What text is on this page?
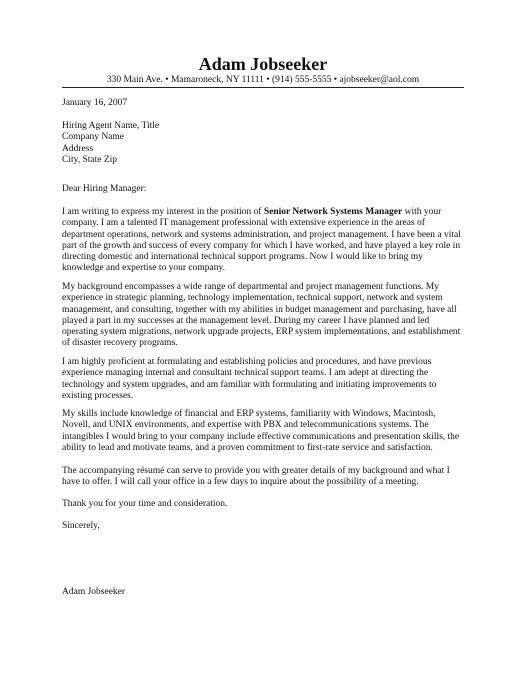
Adam Jobseeker
330 Main Ave. • Mamaroneck, NY 11111 • (914) 555-5555 • ajobseeker@aol.com
January 16, 2007
Hiring Agent Name, Title
Company Name
Address
City, State Zip
Dear Hiring Manager:
I am writing to express my interest in the position of Senior Network Systems Manager with your
company. I am a talented IT management professional with extensive experience in the areas of
department operations, network and systems administration, and project management. I have been a vital
part of the growth and success of every company for which I have worked, and have played a key role in
directing domestic and international technical support programs. Now I would like to bring my
knowledge and expertise to your company.
My background encompasses a wide range of departmental and project management functions. My
experience in strategic planning, technology implementation, technical support, network and system
management, and consulting, together with my abilities in budget management and purchasing, have all
played a part in my successes at the management level. During my career I have planned and led
operating system migrations, network upgrade projects, ERP system implementations, and establishment
of disaster recovery programs.
I am highly proficient at formulating and establishing policies and procedures, and have previous
experience managing internal and consultant technical support teams. I am adept at directing the
technology and system upgrades, and am familiar with formulating and initiating improvements to
existing processes.
My skills include knowledge of financial and ERP systems, familiarity with Windows, Macintosh,
Novell, and UNIX environments, and expertise with PBX and telecommunications systems. The
intangibles I would bring to your company include effective communications and presentation skills, the
ability to lead and motivate teams, and a proven commitment to first-rate service and satisfaction.
The accompanying résumé can serve to provide you with greater details of my background and what I
have to offer. I will call your office in a few days to inquire about the possibility of a meeting.
Thank you for your time and consideration.
Sincerely,
Adam Jobseeker
